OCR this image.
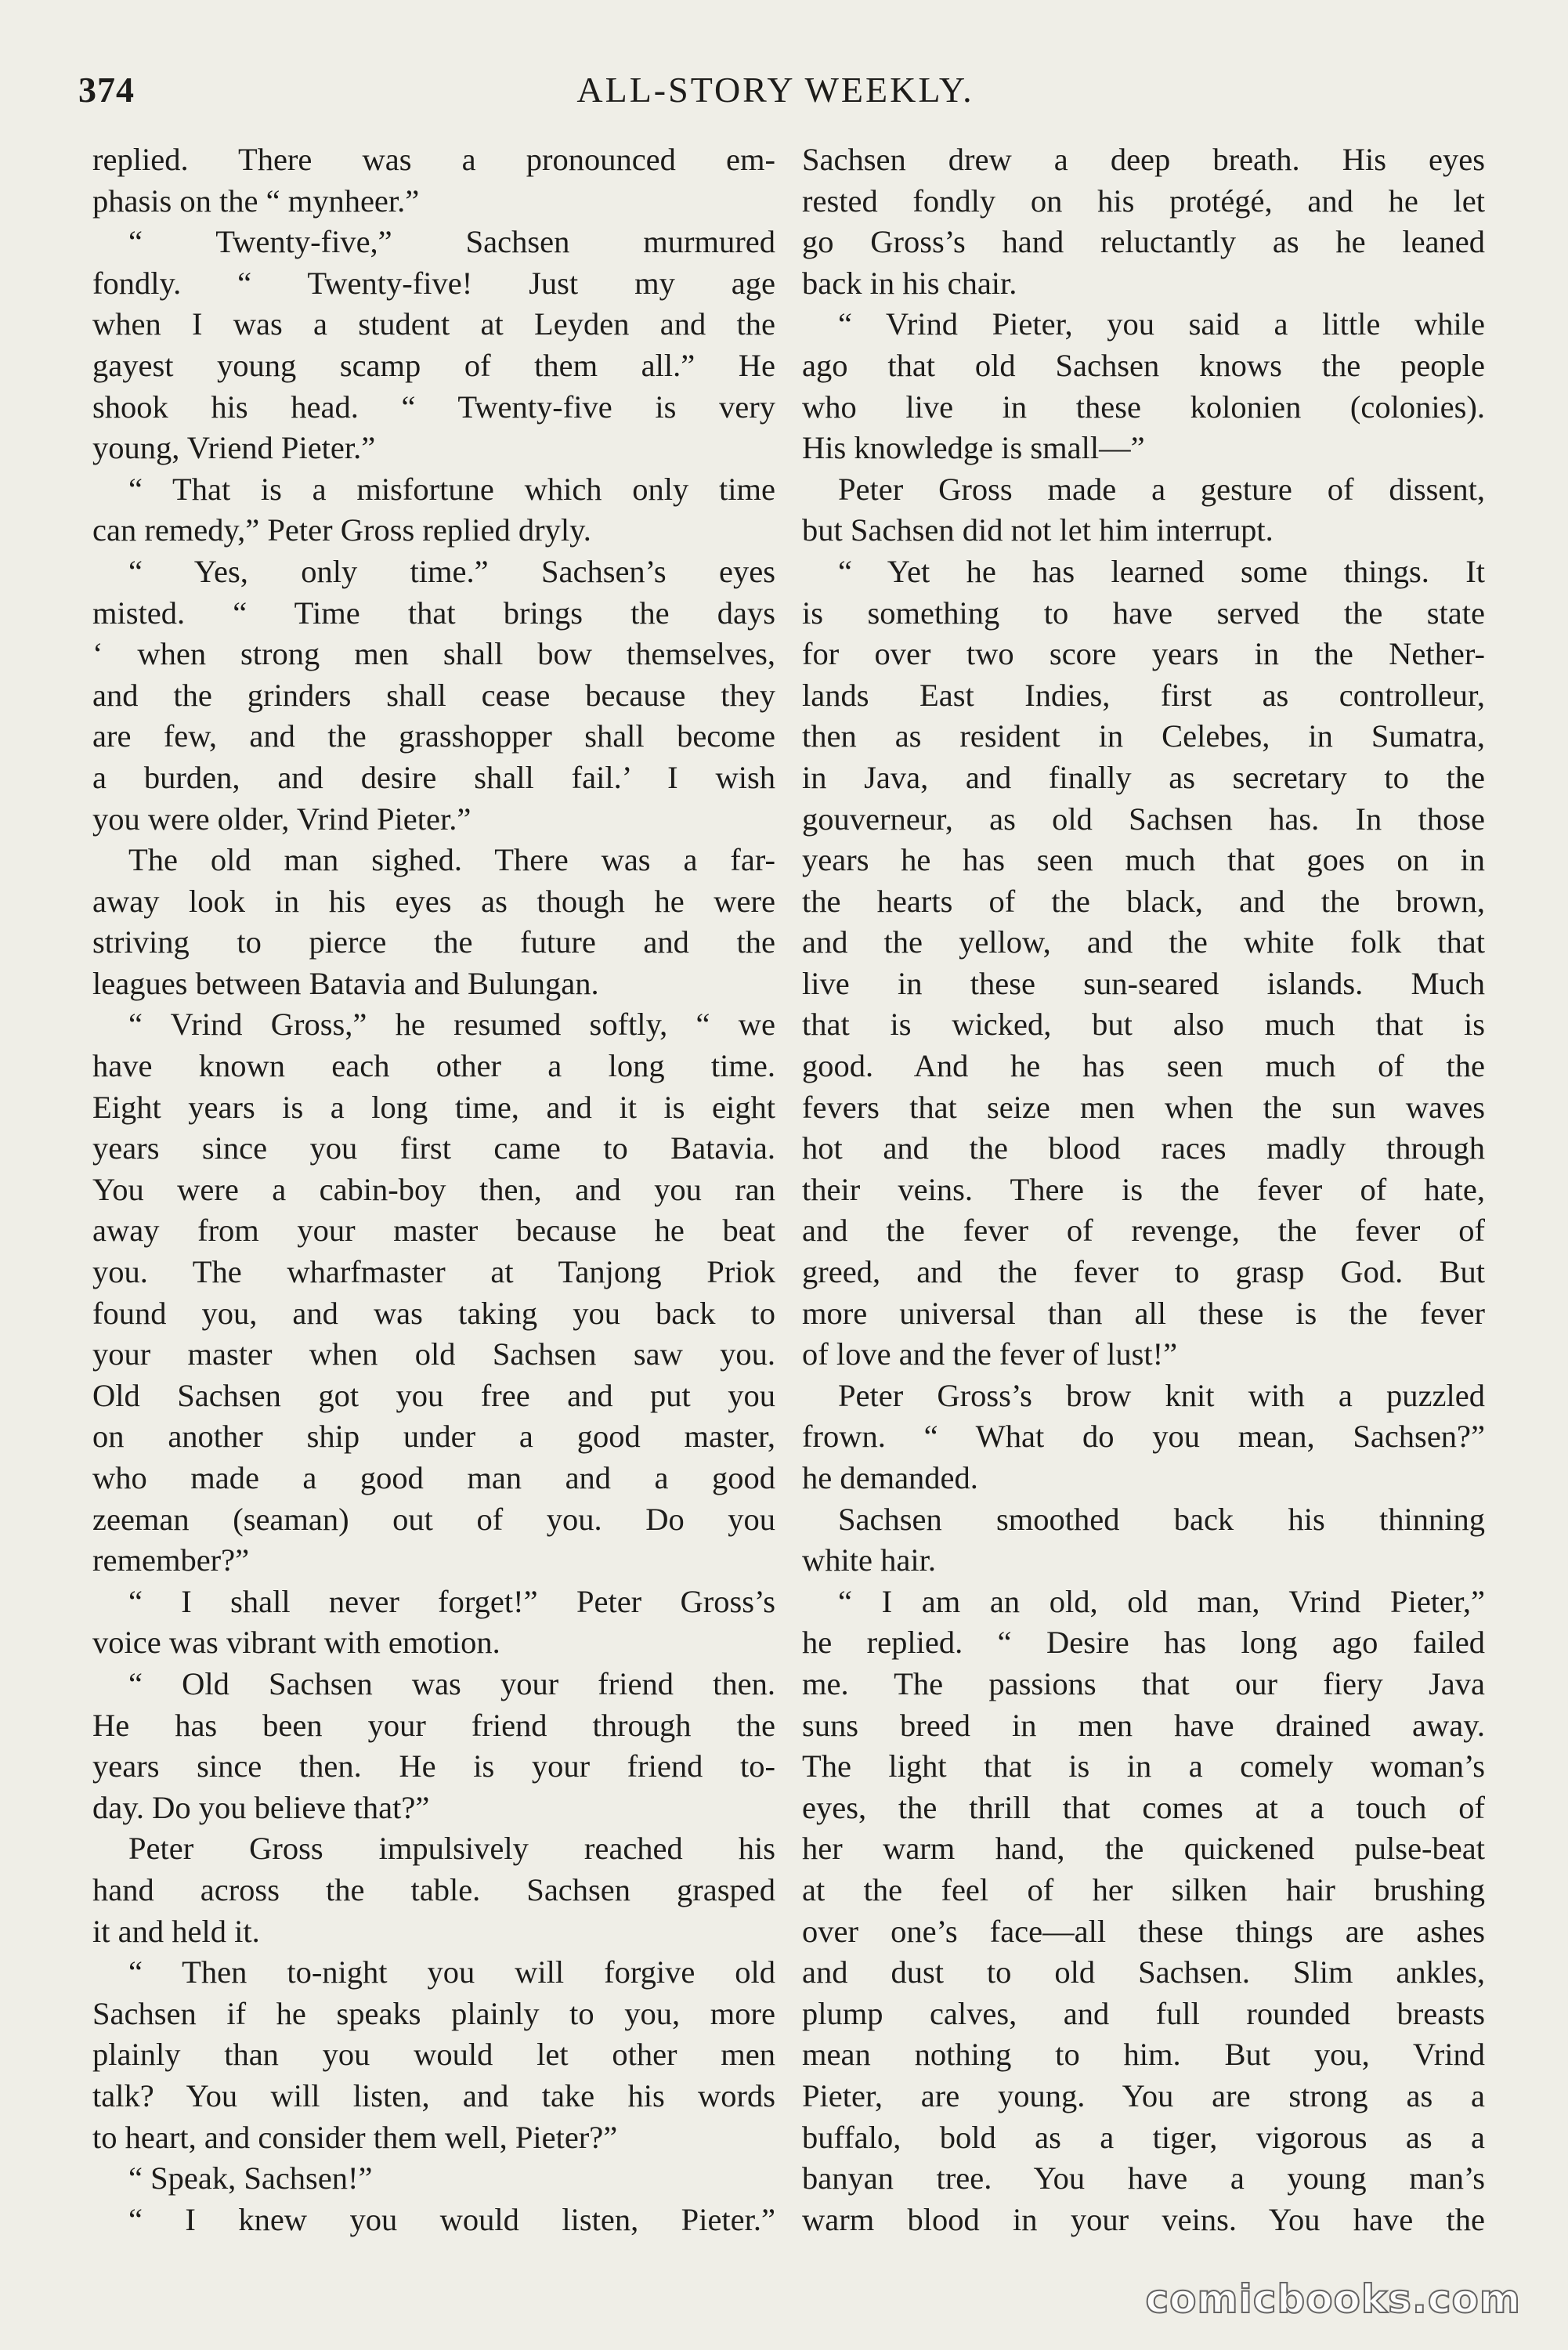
374	ALL-STORY WEEKLY.
replied. There was a pronounced em-
phasis on the “ mynheer.”
“ Twenty-five,” Sachsen murmured
fondly. “ Twenty-five! Just my age
when I was a student at Leyden and the
gayest young scamp of them all.” He
shook his head. “ Twenty-five is very
young, Vriend Pieter.”
“ That is a misfortune which only time
can remedy,” Peter Gross replied dryly.
“ Yes, only time.” Sachsen’s eyes
misted. “ Time that brings the days
‘ when strong men shall bow themselves,
and the grinders shall cease because they
are few, and the grasshopper shall become
a burden, and desire shall fail.’ I wish
you were older, Vrind Pieter.”
The old man sighed. There was a far-
away look in his eyes as though he were
striving to pierce the future and the
leagues between Batavia and Bulungan.
“ Vrind Gross,” he resumed softly, “ we
have known each other a long time.
Eight years is a long time, and it is eight
years since you first came to Batavia.
You were a cabin-boy then, and you ran
away from your master because he beat
you. The wharfmaster at Tanjong Priok
found you, and was taking you back to
your master when old Sachsen saw you.
Old Sachsen got you free and put you
on another ship under a good master,
who made a good man and a good
zeeman (seaman) out of you. Do you
remember?”
“ I shall never forget!” Peter Gross’s
voice was vibrant with emotion.
“ Old Sachsen was your friend then.
He has been your friend through the
years since then. He is your friend to-
day. Do you believe that?”
Peter Gross impulsively reached his
hand across the table. Sachsen grasped
it and held it.
“ Then to-night you will forgive old
Sachsen if he speaks plainly to you, more
plainly than you would let other men
talk? You will listen, and take his words
to heart, and consider them well, Pieter?”
“ Speak, Sachsen!”
“ I knew you would listen, Pieter.”
Sachsen drew a deep breath. His eyes
rested fondly on his protégé, and he let
go Gross’s hand reluctantly as he leaned
back in his chair.
“ Vrind Pieter, you said a little while
ago that old Sachsen knows the people
who live in these kolonien (colonies).
His knowledge is small—”
Peter Gross made a gesture of dissent,
but Sachsen did not let him interrupt.
“ Yet he has learned some things. It
is something to have served the state
for over two score years in the Nether-
lands East Indies, first as controlleur,
then as resident in Celebes, in Sumatra,
in Java, and finally as secretary to the
gouverneur, as old Sachsen has. In those
years he has seen much that goes on in
the hearts of the black, and the brown,
and the yellow, and the white folk that
live in these sun-seared islands. Much
that is wicked, but also much that is
good. And he has seen much of the
fevers that seize men when the sun waves
hot and the blood races madly through
their veins. There is the fever of hate,
and the fever of revenge, the fever of
greed, and the fever to grasp God. But
more universal than all these is the fever
of love and the fever of lust!”
Peter Gross’s brow knit with a puzzled
frown. “ What do you mean, Sachsen?”
he demanded.
Sachsen smoothed back his thinning
white hair.
“ I am an old, old man, Vrind Pieter,”
he replied. “ Desire has long ago failed
me. The passions that our fiery Java
suns breed in men have drained away.
The light that is in a comely woman’s
eyes, the thrill that comes at a touch of
her warm hand, the quickened pulse-beat
at the feel of her silken hair brushing
over one’s face—all these things are ashes
and dust to old Sachsen. Slim ankles,
plump calves, and full rounded breasts
mean nothing to him. But you, Vrind
Pieter, are young. You are strong as a
buffalo, bold as a tiger, vigorous as a
banyan tree. You have a young man’s
warm blood in your veins. You have the
comicbooks.com
